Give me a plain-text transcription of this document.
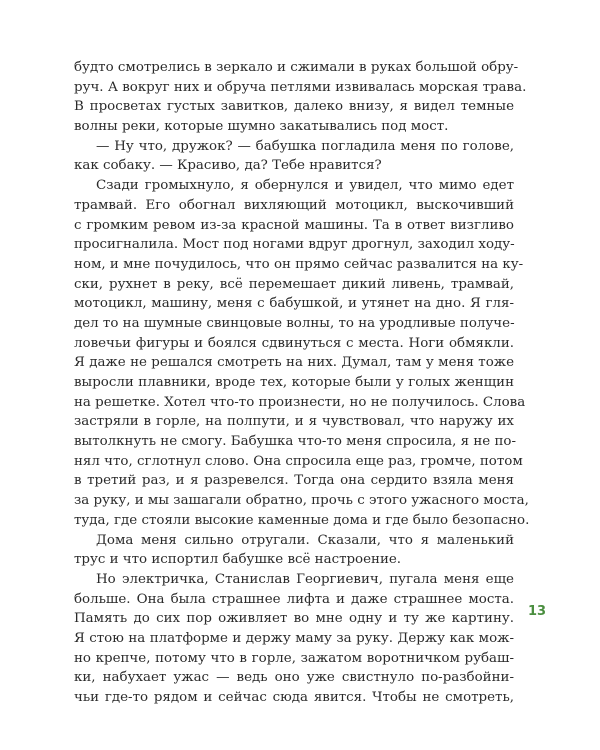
будто смотрелись в зеркало и сжимали в руках большой обру-
руч. А вокруг них и обруча петлями извивалась морская трава.
В просветах густых завитков, далеко внизу, я видел темные
волны реки, которые шумно закатывались под мост.
— Ну что, дружок? — бабушка погладила меня по голове,
как собаку. — Красиво, да? Тебе нравится?
Сзади громыхнуло, я обернулся и увидел, что мимо едет
трамвай. Его обогнал вихляющий мотоцикл, выскочивший
с громким ревом из-за красной машины. Та в ответ визгливо
просигналила. Мост под ногами вдруг дрогнул, заходил ходу-
ном, и мне почудилось, что он прямо сейчас развалится на ку-
ски, рухнет в реку, всё перемешает дикий ливень, трамвай,
мотоцикл, машину, меня с бабушкой, и утянет на дно. Я гля-
дел то на шумные свинцовые волны, то на уродливые получе-
ловечьи фигуры и боялся сдвинуться с места. Ноги обмякли.
Я даже не решался смотреть на них. Думал, там у меня тоже
выросли плавники, вроде тех, которые были у голых женщин
на решетке. Хотел что-то произнести, но не получилось. Слова
застряли в горле, на полпути, и я чувствовал, что наружу их
вытолкнуть не смогу. Бабушка что-то меня спросила, я не по-
нял что, сглотнул слово. Она спросила еще раз, громче, потом
в третий раз, и я разревелся. Тогда она сердито взяла меня
за руку, и мы зашагали обратно, прочь с этого ужасного моста,
туда, где стояли высокие каменные дома и где было безопасно.
Дома меня сильно отругали. Сказали, что я маленький
трус и что испортил бабушке всё настроение.
Но электричка, Станислав Георгиевич, пугала меня еще
больше. Она была страшнее лифта и даже страшнее моста.
Память до сих пор оживляет во мне одну и ту же картину.
Я стою на платформе и держу маму за руку. Держу как мож-
но крепче, потому что в горле, зажатом воротничком рубаш-
ки, набухает ужас — ведь оно уже свистнуло по-разбойни-
чьи где-то рядом и сейчас сюда явится. Чтобы не смотреть,
13
